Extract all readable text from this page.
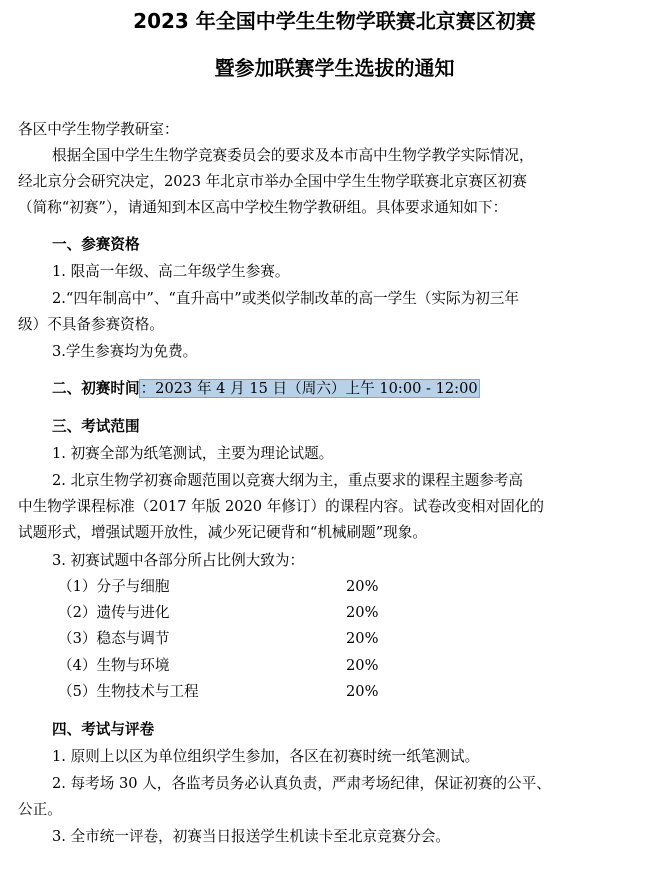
2023 年全国中学生生物学联赛北京赛区初赛
暨参加联赛学生选拔的通知
各区中学生物学教研室：
根据全国中学生生物学竞赛委员会的要求及本市高中生物学教学实际情况，
经北京分会研究决定，2023 年北京市举办全国中学生生物学联赛北京赛区初赛
（简称“初赛”），请通知到本区高中学校生物学教研组。具体要求通知如下：
一、参赛资格
1. 限高一年级、高二年级学生参赛。
2.“四年制高中”、“直升高中”或类似学制改革的高一学生（实际为初三年
级）不具备参赛资格。
3.学生参赛均为免费。
二、初赛时间：2023 年 4 月 15 日（周六）上午 10:00 - 12:00
三、考试范围
1. 初赛全部为纸笔测试，主要为理论试题。
2. 北京生物学初赛命题范围以竞赛大纲为主，重点要求的课程主题参考高
中生物学课程标准（2017 年版 2020 年修订）的课程内容。试卷改变相对固化的
试题形式，增强试题开放性，减少死记硬背和“机械刷题”现象。
3. 初赛试题中各部分所占比例大致为：
（1）分子与细胞	20%
（2）遗传与进化	20%
（3）稳态与调节	20%
（4）生物与环境	20%
（5）生物技术与工程	20%
四、考试与评卷
1. 原则上以区为单位组织学生参加，各区在初赛时统一纸笔测试。
2. 每考场 30 人，各监考员务必认真负责，严肃考场纪律，保证初赛的公平、
公正。
3. 全市统一评卷，初赛当日报送学生机读卡至北京竞赛分会。
